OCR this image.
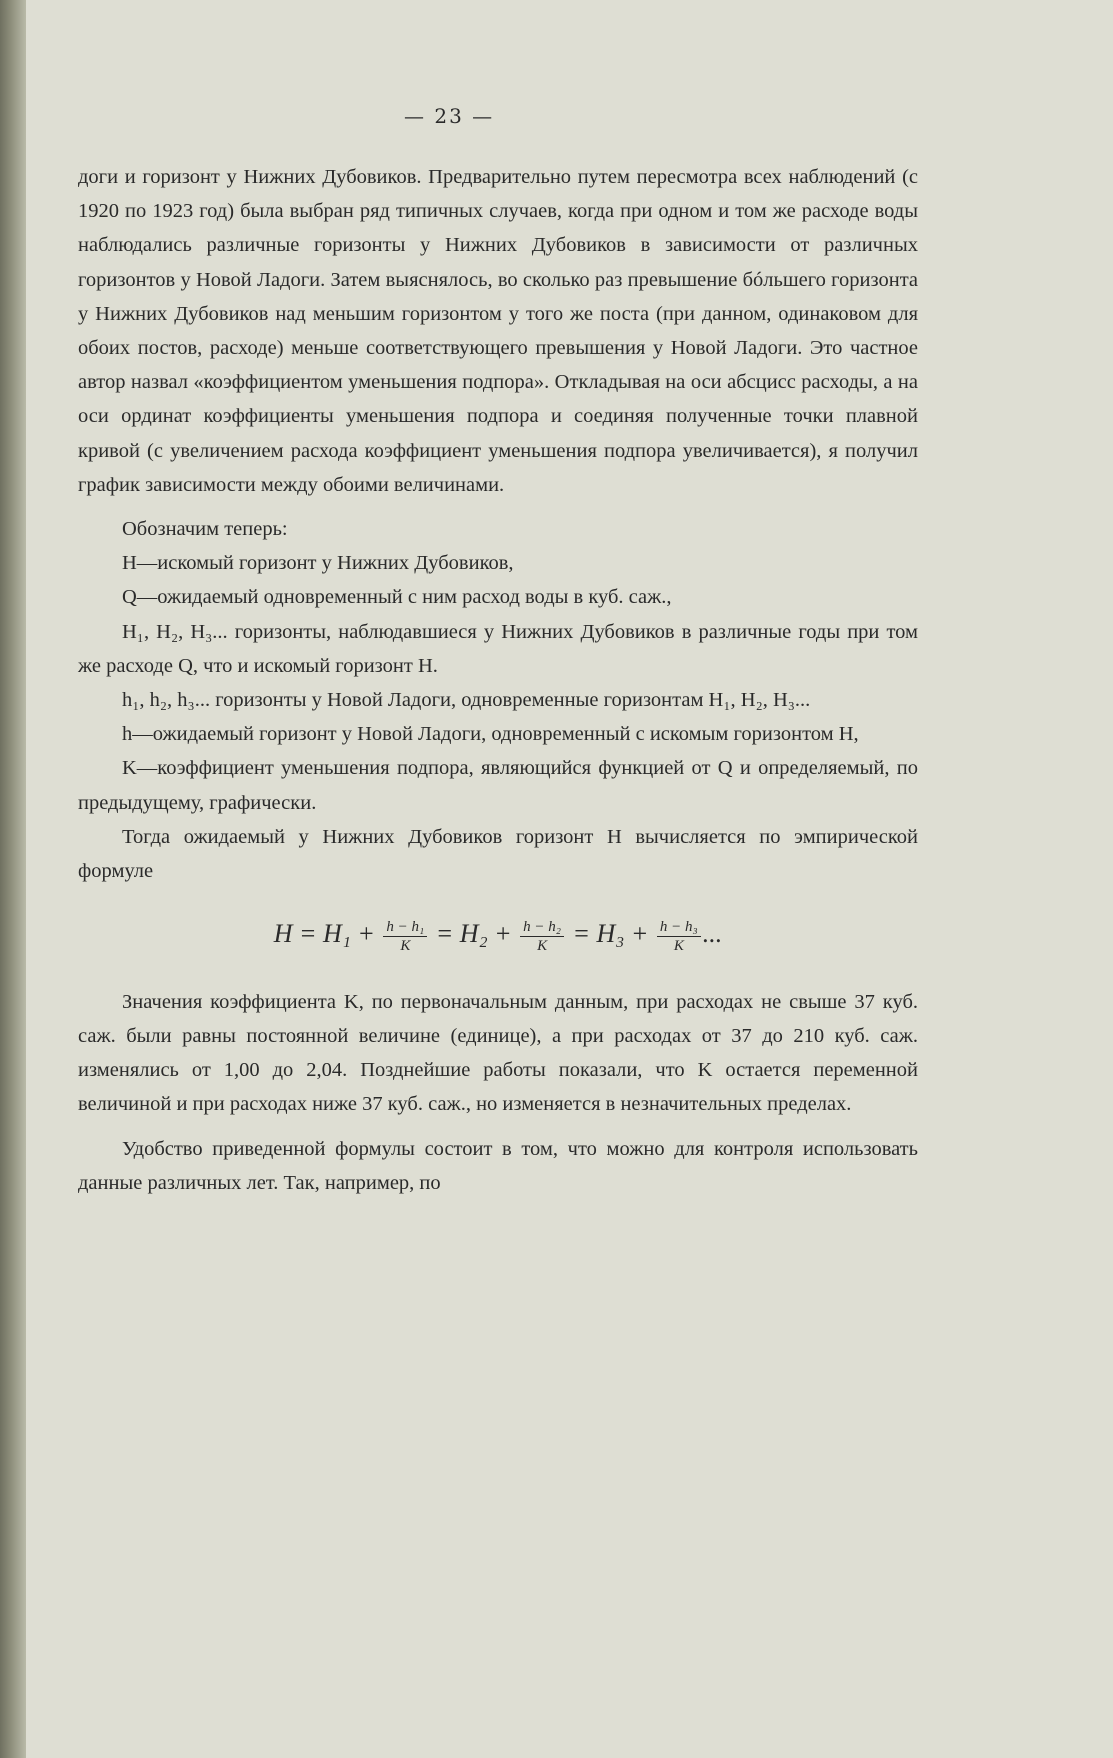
— 23 —

доги и горизонт у Нижних Дубовиков. Предварительно путем пересмотра всех наблюдений (с 1920 по 1923 год) была выбран ряд типичных случаев, когда при одном и том же расходе воды наблюдались различные горизонты у Нижних Дубовиков в зависимости от различных горизонтов у Новой Ладоги. Затем выяснялось, во сколько раз превышение бóльшего горизонта у Нижних Дубовиков над меньшим горизонтом у того же поста (при данном, одинаковом для обоих постов, расходе) меньше соответствующего превышения у Новой Ладоги. Это частное автор назвал «коэффициентом уменьшения подпора». Откладывая на оси абсцисс расходы, а на оси ординат коэффициенты уменьшения подпора и соединяя полученные точки плавной кривой (с увеличением расхода коэффициент уменьшения подпора увеличивается), я получил график зависимости между обоими величинами.

Обозначим теперь:

H—искомый горизонт у Нижних Дубовиков,

Q—ожидаемый одновременный с ним расход воды в куб. саж.,

H₁, H₂, H₃... горизонты, наблюдавшиеся у Нижних Дубовиков в различные годы при том же расходе Q, что и искомый горизонт H.

h₁, h₂, h₃... горизонты у Новой Ладоги, одновременные горизонтам H₁, H₂, H₃...

h—ожидаемый горизонт у Новой Ладоги, одновременный с искомым горизонтом H,

K—коэффициент уменьшения подпора, являющийся функцией от Q и определяемый, по предыдущему, графически.

Тогда ожидаемый у Нижних Дубовиков горизонт H вычисляется по эмпирической формуле

$H = H_1 + \frac{\text{h − h₁}}{K} = H_2 + \frac{\text{h − h₂}}{K} = H_3 + \frac{\text{h − h₃}}{K}$ ...

Значения коэффициента K, по первоначальным данным, при расходах не свыше 37 куб. саж. были равны постоянной величине (единице), а при расходах от 37 до 210 куб. саж. изменялись от 1,00 до 2,04. Позднейшие работы показали, что K остается переменной величиной и при расходах ниже 37 куб. саж., но изменяется в незначительных пределах.

Удобство приведенной формулы состоит в том, что можно для контроля использовать данные различных лет. Так, например, по
